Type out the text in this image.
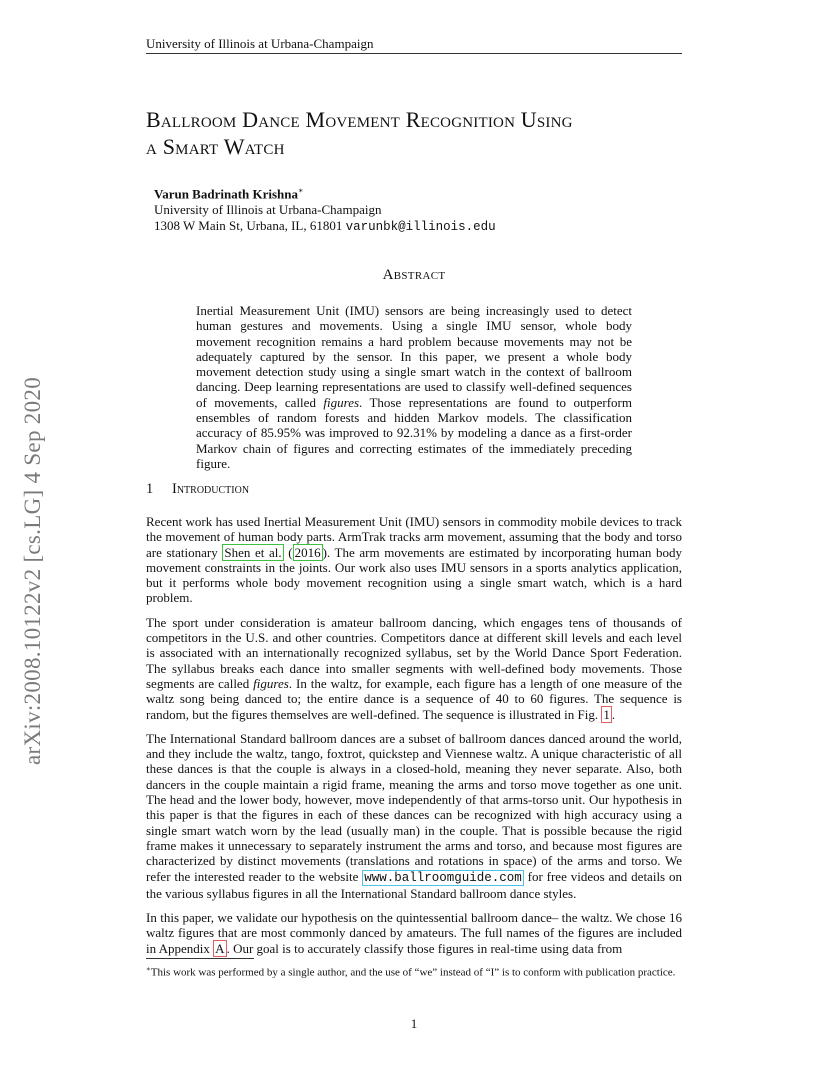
University of Illinois at Urbana-Champaign
arXiv:2008.10122v2 [cs.LG] 4 Sep 2020
Ballroom Dance Movement Recognition Using
a Smart Watch
Varun Badrinath Krishna∗
University of Illinois at Urbana-Champaign
1308 W Main St, Urbana, IL, 61801 varunbk@illinois.edu
Abstract
Inertial Measurement Unit (IMU) sensors are being increasingly used to detect human gestures and movements. Using a single IMU sensor, whole body movement recognition remains a hard problem because movements may not be adequately captured by the sensor. In this paper, we present a whole body movement detection study using a single smart watch in the context of ballroom dancing. Deep learning representations are used to classify well-defined sequences of movements, called figures. Those representations are found to outperform ensembles of random forests and hidden Markov models. The classification accuracy of 85.95% was improved to 92.31% by modeling a dance as a first-order Markov chain of figures and correcting estimates of the immediately preceding figure.
1 Introduction

Recent work has used Inertial Measurement Unit (IMU) sensors in commodity mobile devices to track the movement of human body parts. ArmTrak tracks arm movement, assuming that the body and torso are stationary Shen et al. ( 2016 ). The arm movements are estimated by incorporating human body movement constraints in the joints. Our work also uses IMU sensors in a sports analytics application, but it performs whole body movement recognition using a single smart watch, which is a hard problem.

The sport under consideration is amateur ballroom dancing, which engages tens of thousands of competitors in the U.S. and other countries. Competitors dance at different skill levels and each level is associated with an internationally recognized syllabus, set by the World Dance Sport Federation. The syllabus breaks each dance into smaller segments with well-defined body movements. Those segments are called figures. In the waltz, for example, each figure has a length of one measure of the waltz song being danced to; the entire dance is a sequence of 40 to 60 figures. The sequence is random, but the figures themselves are well-defined. The sequence is illustrated in Fig. 1 .

The International Standard ballroom dances are a subset of ballroom dances danced around the world, and they include the waltz, tango, foxtrot, quickstep and Viennese waltz. A unique characteristic of all these dances is that the couple is always in a closed-hold, meaning they never separate. Also, both dancers in the couple maintain a rigid frame, meaning the arms and torso move together as one unit. The head and the lower body, however, move independently of that arms-torso unit. Our hypothesis in this paper is that the figures in each of these dances can be recognized with high accuracy using a single smart watch worn by the lead (usually man) in the couple. That is possible because the rigid frame makes it unnecessary to separately instrument the arms and torso, and because most figures are characterized by distinct movements (translations and rotations in space) of the arms and torso. We refer the interested reader to the website www.ballroomguide.com for free videos and details on the various syllabus figures in all the International Standard ballroom dance styles.

In this paper, we validate our hypothesis on the quintessential ballroom dance– the waltz. We chose 16 waltz figures that are most commonly danced by amateurs. The full names of the figures are included in Appendix A . Our goal is to accurately classify those figures in real-time using data from

∗This work was performed by a single author, and the use of “we” instead of “I” is to conform with publication practice.
1
